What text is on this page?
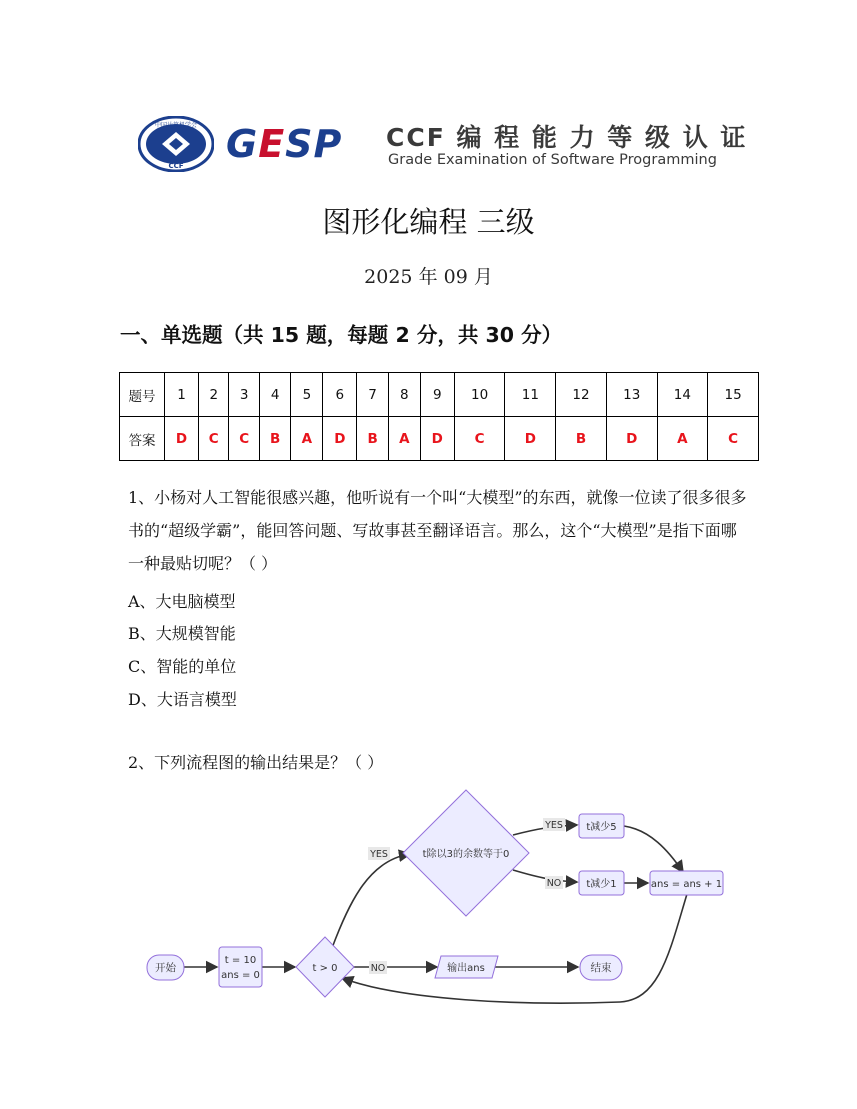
中国计算机学会
CCF GESP CCF 编 程 能 力 等 级 认 证
Grade Examination of Software Programming
图形化编程 三级
2025 年 09 月
一、单选题（共 15 题，每题 2 分，共 30 分）
题号	1	2	3	4	5	6	7	8	9	10	11	12	13	14	15
答案	D	C	C	B	A	D	B	A	D	C	D	B	D	A	C
1、小杨对人工智能很感兴趣，他听说有一个叫“大模型”的东西，就像一位读了很多很多书的“超级学霸”，能回答问题、写故事甚至翻译语言。那么，这个“大模型”是指下面哪一种最贴切呢？（ ）
A、大电脑模型
B、大规模智能
C、智能的单位
D、大语言模型
2、下列流程图的输出结果是？（ ）
YES
NO
YES
NO
开始
t = 10
ans = 0
t > 0
t除以3的余数等于0
t减少5
t减少1	ans = ans + 1
输出ans	结束
